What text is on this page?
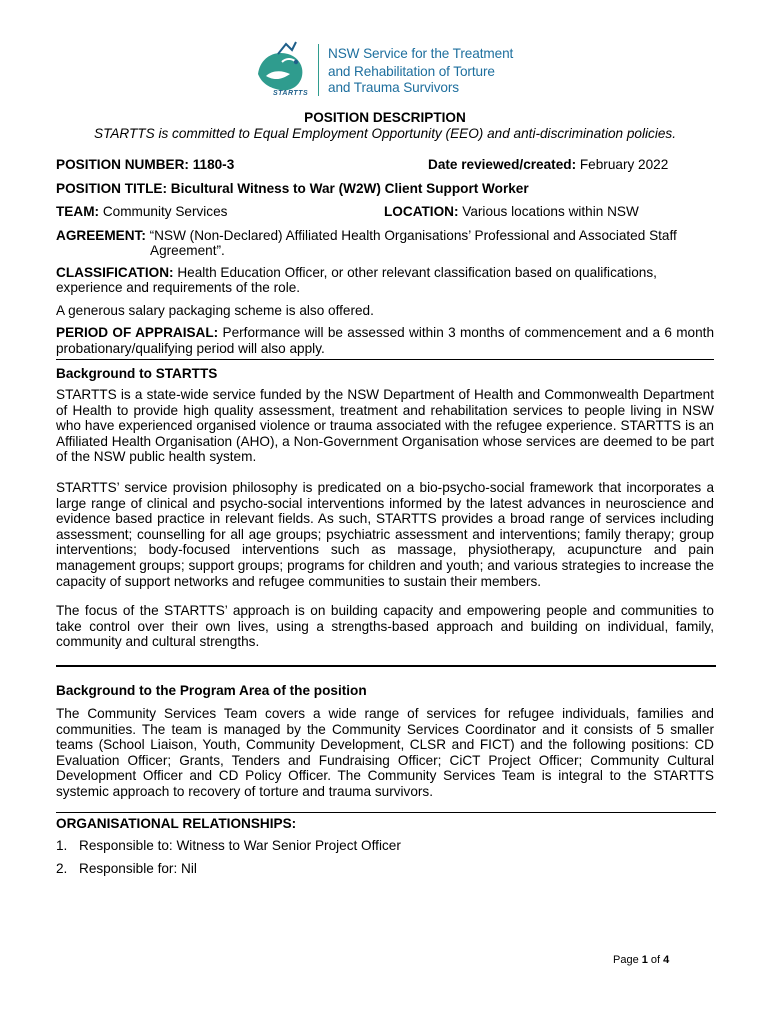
STARTTS
NSW Service for the Treatment
and Rehabilitation of Torture
and Trauma Survivors
POSITION DESCRIPTION
STARTTS is committed to Equal Employment Opportunity (EEO) and anti-discrimination policies.
POSITION NUMBER: 1180-3	Date reviewed/created: February 2022
POSITION TITLE: Bicultural Witness to War (W2W) Client Support Worker
TEAM: Community Services	LOCATION: Various locations within NSW
AGREEMENT: “NSW (Non-Declared) Affiliated Health Organisations’ Professional and Associated Staff
Agreement”.
CLASSIFICATION: Health Education Officer, or other relevant classification based on qualifications,
experience and requirements of the role.
A generous salary packaging scheme is also offered.

PERIOD OF APPRAISAL: Performance will be assessed within 3 months of commencement and a 6 month probationary/qualifying period will also apply.

Background to STARTTS

STARTTS is a state-wide service funded by the NSW Department of Health and Commonwealth Department of Health to provide high quality assessment, treatment and rehabilitation services to people living in NSW who have experienced organised violence or trauma associated with the refugee experience. STARTTS is an Affiliated Health Organisation (AHO), a Non-Government Organisation whose services are deemed to be part of the NSW public health system.

STARTTS’ service provision philosophy is predicated on a bio-psycho-social framework that incorporates a large range of clinical and psycho-social interventions informed by the latest advances in neuroscience and evidence based practice in relevant fields. As such, STARTTS provides a broad range of services including assessment; counselling for all age groups; psychiatric assessment and interventions; family therapy; group interventions; body-focused interventions such as massage, physiotherapy, acupuncture and pain management groups; support groups; programs for children and youth; and various strategies to increase the capacity of support networks and refugee communities to sustain their members.

The focus of the STARTTS’ approach is on building capacity and empowering people and communities to take control over their own lives, using a strengths-based approach and building on individual, family, community and cultural strengths.

Background to the Program Area of the position

The Community Services Team covers a wide range of services for refugee individuals, families and communities. The team is managed by the Community Services Coordinator and it consists of 5 smaller teams (School Liaison, Youth, Community Development, CLSR and FICT) and the following positions: CD Evaluation Officer; Grants, Tenders and Fundraising Officer; CiCT Project Officer; Community Cultural Development Officer and CD Policy Officer. The Community Services Team is integral to the STARTTS systemic approach to recovery of torture and trauma survivors.

ORGANISATIONAL RELATIONSHIPS:
1. Responsible to: Witness to War Senior Project Officer
2. Responsible for: Nil
Page 1 of 4
